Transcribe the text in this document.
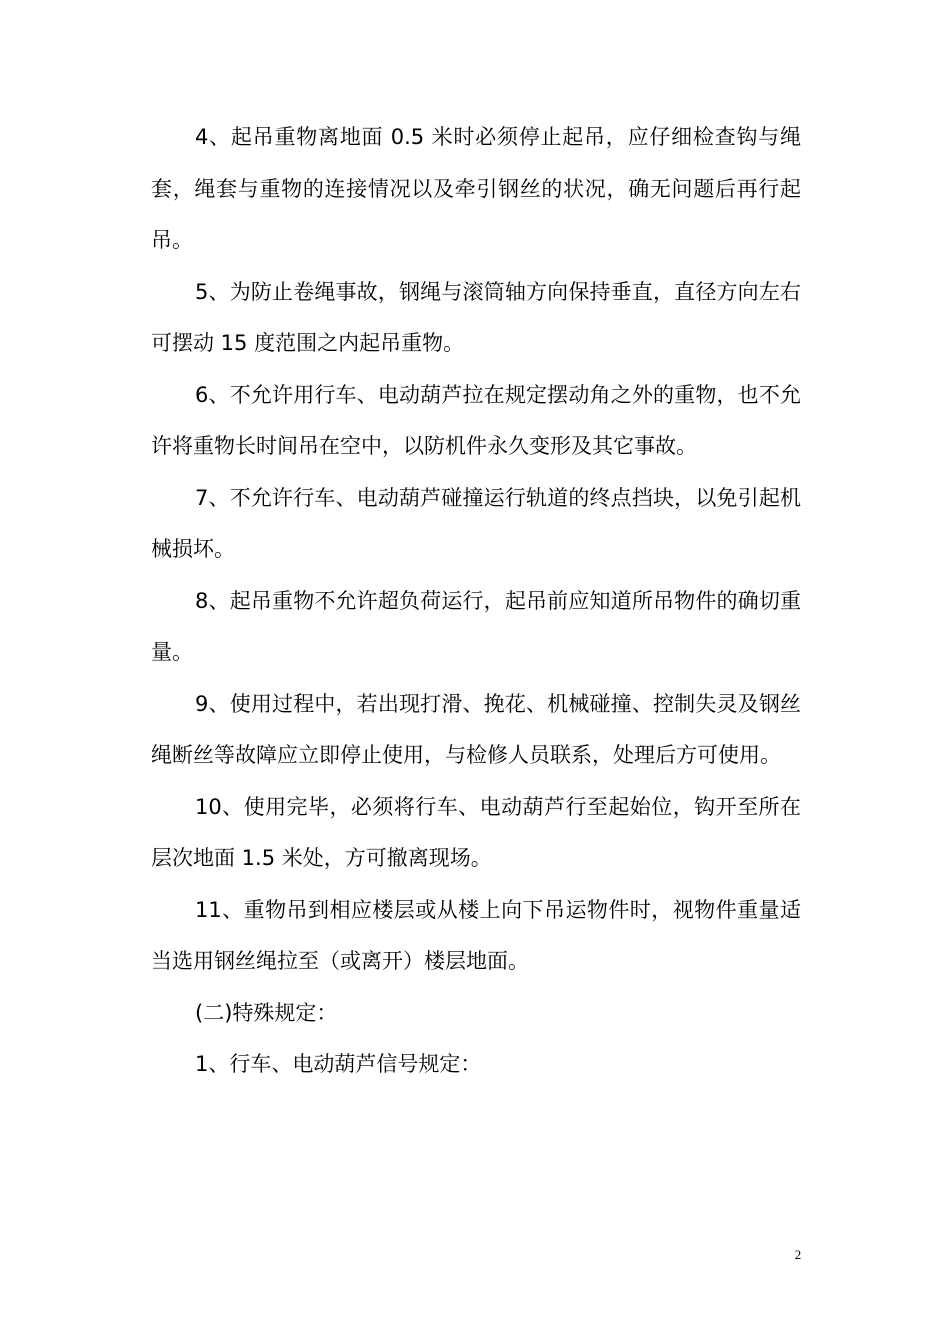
4、起吊重物离地面 0.5 米时必须停止起吊，应仔细检查钩与绳套，绳套与重物的连接情况以及牵引钢丝的状况，确无问题后再行起吊。

5、为防止卷绳事故，钢绳与滚筒轴方向保持垂直，直径方向左右可摆动 15 度范围之内起吊重物。

6、不允许用行车、电动葫芦拉在规定摆动角之外的重物，也不允许将重物长时间吊在空中，以防机件永久变形及其它事故。

7、不允许行车、电动葫芦碰撞运行轨道的终点挡块，以免引起机械损坏。

8、起吊重物不允许超负荷运行，起吊前应知道所吊物件的确切重量。

9、使用过程中，若出现打滑、挽花、机械碰撞、控制失灵及钢丝绳断丝等故障应立即停止使用，与检修人员联系，处理后方可使用。

10、使用完毕，必须将行车、电动葫芦行至起始位，钩开至所在层次地面 1.5 米处，方可撤离现场。

11、重物吊到相应楼层或从楼上向下吊运物件时，视物件重量适当选用钢丝绳拉至（或离开）楼层地面。

(二)特殊规定：

1、行车、电动葫芦信号规定：

2
